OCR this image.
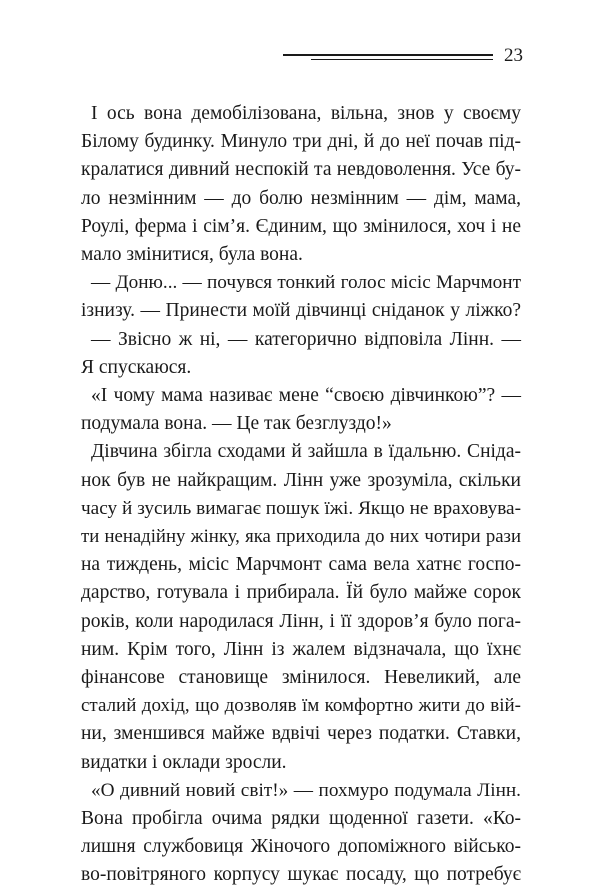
23
І ось вона демобілізована, вільна, знов у своєму
Білому будинку. Минуло три дні, й до неї почав під-
кралатися дивний неспокій та невдоволення. Усе бу-
ло незмінним — до болю незмінним — дім, мама,
Роулі, ферма і сім’я. Єдиним, що змінилося, хоч і не
мало змінитися, була вона.
— Доню... — почувся тонкий голос місіс Марчмонт
ізнизу. — Принести моїй дівчинці сніданок у ліжко?
— Звісно ж ні, — категорично відповіла Лінн. —
Я спускаюся.
«І чому мама називає мене “своєю дівчинкою”? —
подумала вона. — Це так безглуздо!»
Дівчина збігла сходами й зайшла в їдальню. Сніда-
нок був не найкращим. Лінн уже зрозуміла, скільки
часу й зусиль вимагає пошук їжі. Якщо не враховува-
ти ненадійну жінку, яка приходила до них чотири рази
на тиждень, місіс Марчмонт сама вела хатнє госпо-
дарство, готувала і прибирала. Їй було майже сорок
років, коли народилася Лінн, і її здоров’я було пога-
ним. Крім того, Лінн із жалем відзначала, що їхнє
фінансове становище змінилося. Невеликий, але
сталий дохід, що дозволяв їм комфортно жити до вій-
ни, зменшився майже вдвічі через податки. Ставки,
видатки і оклади зросли.
«О дивний новий світ!» — похмуро подумала Лінн.
Вона пробігла очима рядки щоденної газети. «Ко-
лишня службовиця Жіночого допоміжного військо-
во-повітряного корпусу шукає посаду, що потребує
